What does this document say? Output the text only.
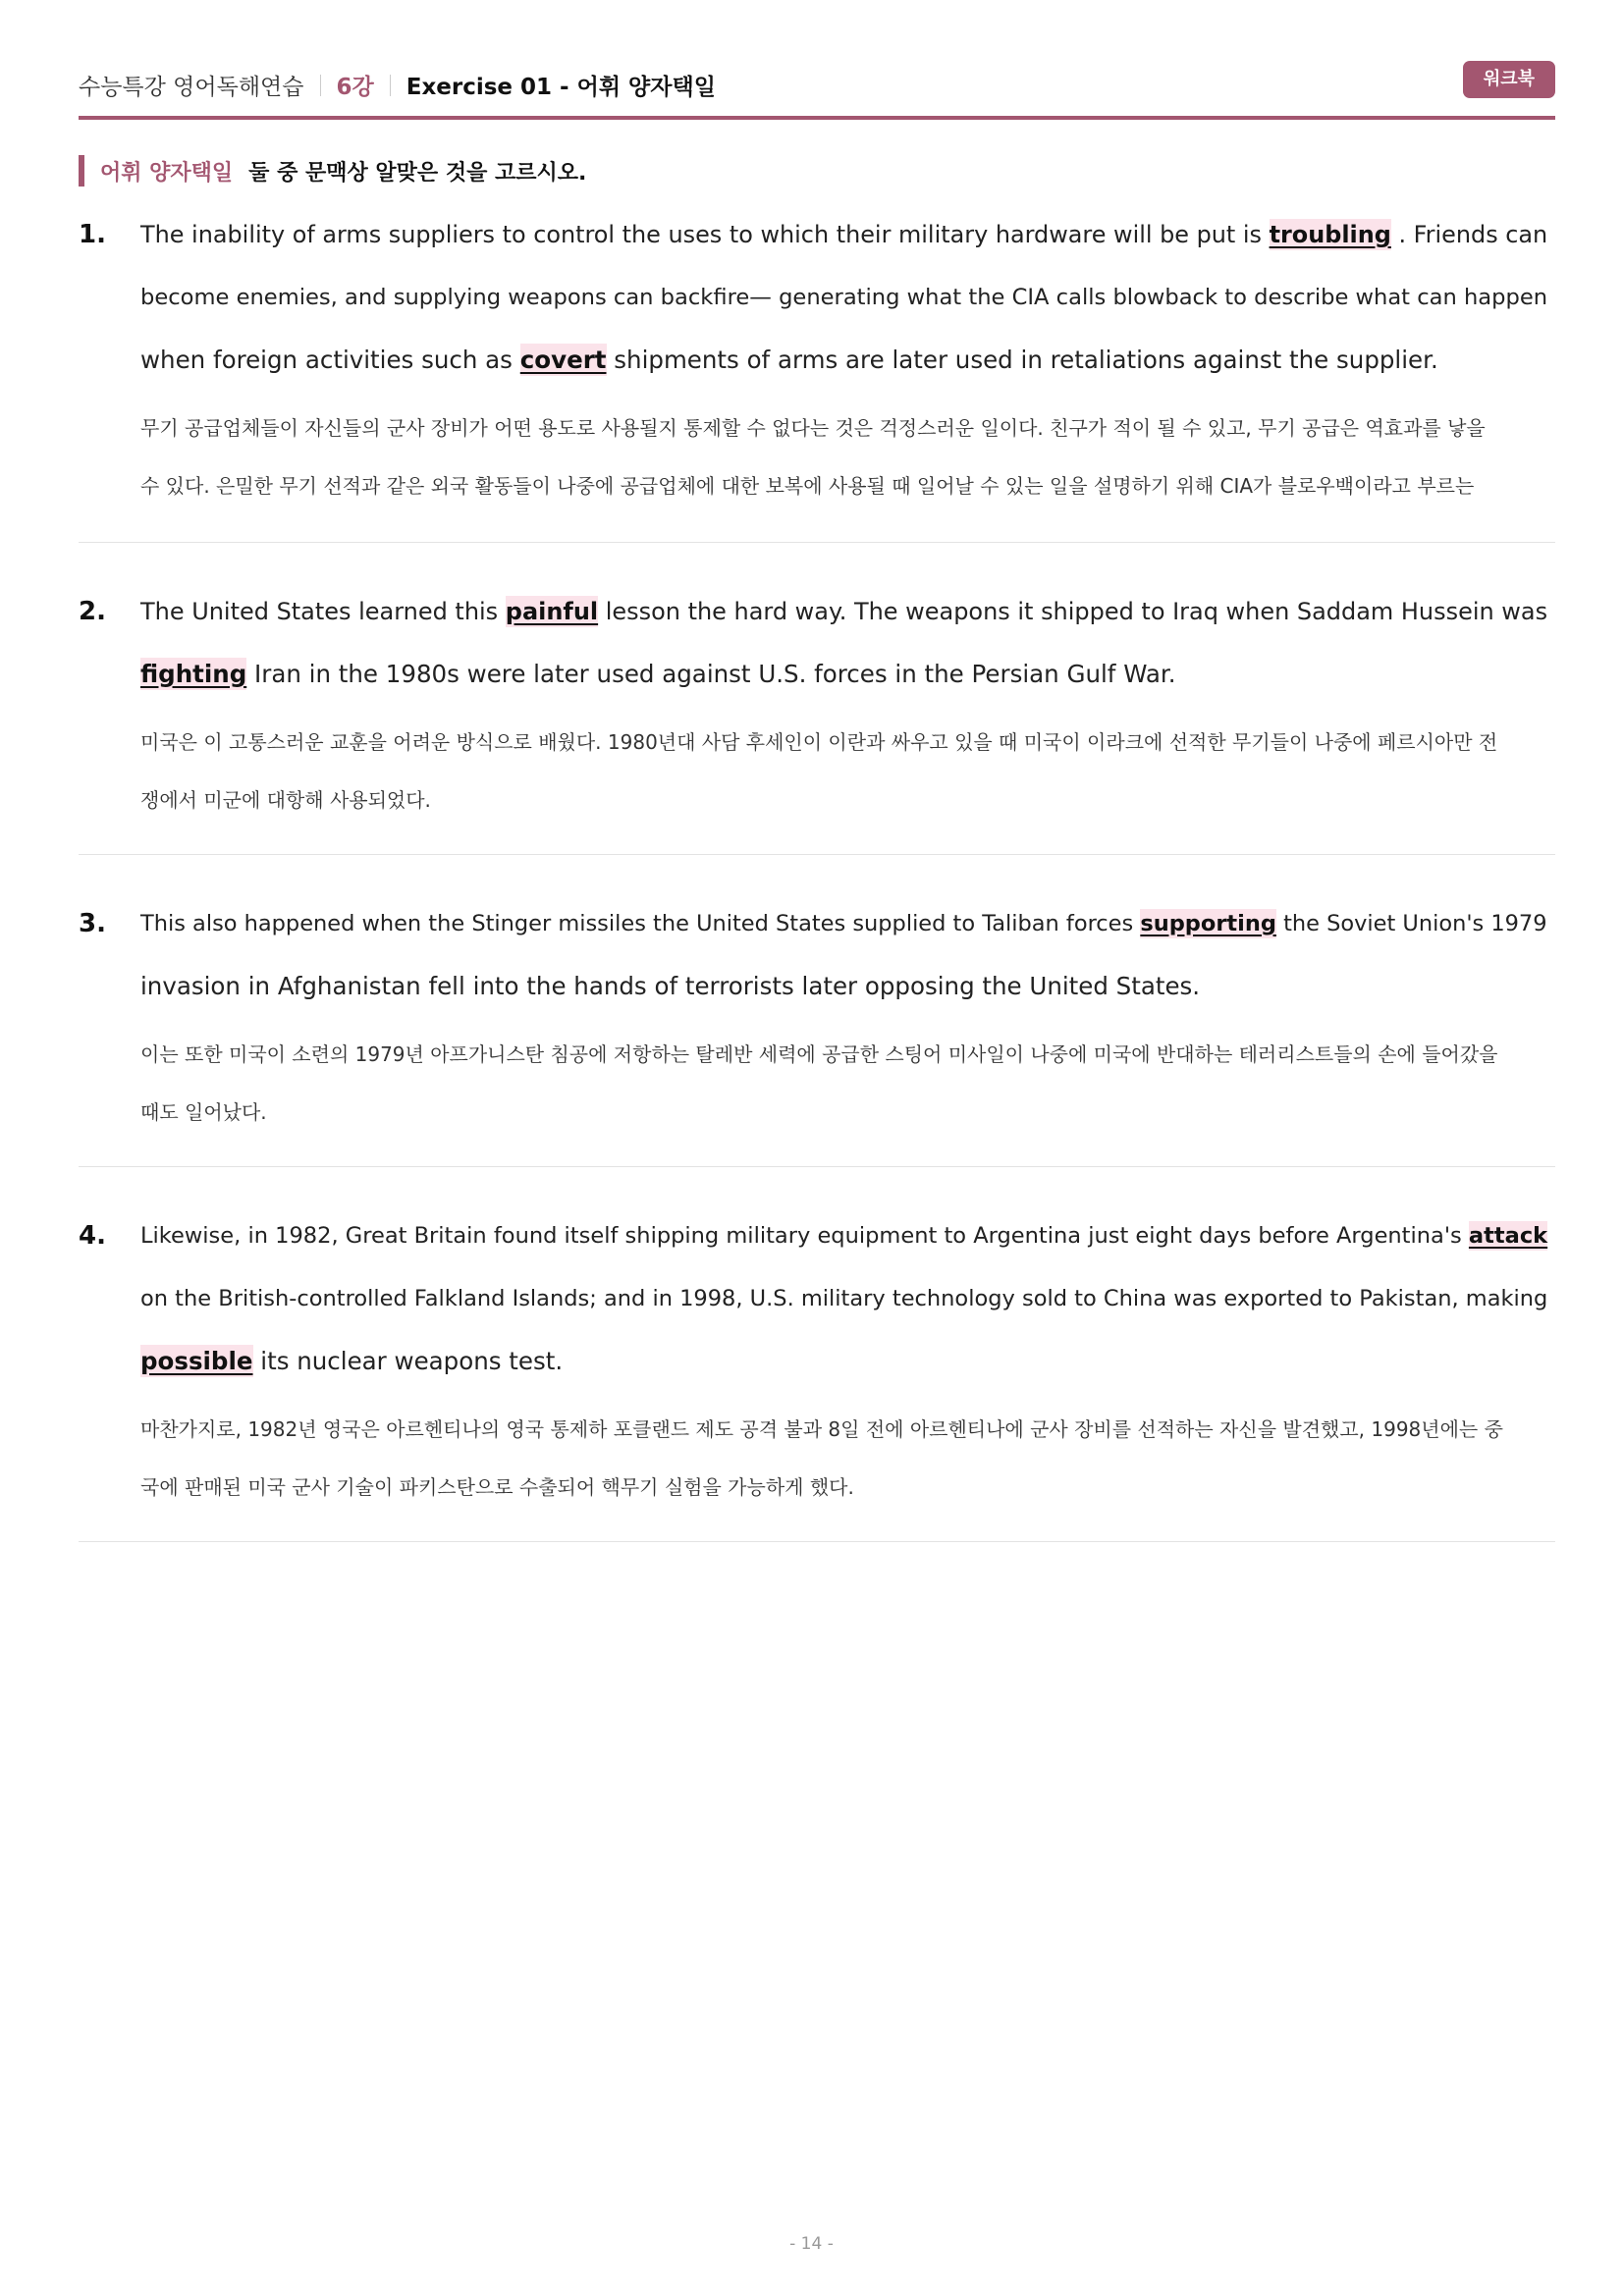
수능특강 영어독해연습 6강 Exercise 01 - 어휘 양자택일	워크북
어휘 양자택일 둘 중 문맥상 알맞은 것을 고르시오.
1. The inability of arms suppliers to control the uses to which their military hardware will be put is troubling . Friends can
become enemies, and supplying weapons can backfire— generating what the CIA calls blowback to describe what can happen
when foreign activities such as covert shipments of arms are later used in retaliations against the supplier.
무기 공급업체들이 자신들의 군사 장비가 어떤 용도로 사용될지 통제할 수 없다는 것은 걱정스러운 일이다. 친구가 적이 될 수 있고, 무기 공급은 역효과를 낳을
수 있다. 은밀한 무기 선적과 같은 외국 활동들이 나중에 공급업체에 대한 보복에 사용될 때 일어날 수 있는 일을 설명하기 위해 CIA가 블로우백이라고 부르는
2. The United States learned this painful lesson the hard way. The weapons it shipped to Iraq when Saddam Hussein was
fighting Iran in the 1980s were later used against U.S. forces in the Persian Gulf War.
미국은 이 고통스러운 교훈을 어려운 방식으로 배웠다. 1980년대 사담 후세인이 이란과 싸우고 있을 때 미국이 이라크에 선적한 무기들이 나중에 페르시아만 전
쟁에서 미군에 대항해 사용되었다.
3. This also happened when the Stinger missiles the United States supplied to Taliban forces supporting the Soviet Union's 1979
invasion in Afghanistan fell into the hands of terrorists later opposing the United States.
이는 또한 미국이 소련의 1979년 아프가니스탄 침공에 저항하는 탈레반 세력에 공급한 스팅어 미사일이 나중에 미국에 반대하는 테러리스트들의 손에 들어갔을
때도 일어났다.
4. Likewise, in 1982, Great Britain found itself shipping military equipment to Argentina just eight days before Argentina's attack
on the British-controlled Falkland Islands; and in 1998, U.S. military technology sold to China was exported to Pakistan, making
possible its nuclear weapons test.
마찬가지로, 1982년 영국은 아르헨티나의 영국 통제하 포클랜드 제도 공격 불과 8일 전에 아르헨티나에 군사 장비를 선적하는 자신을 발견했고, 1998년에는 중
국에 판매된 미국 군사 기술이 파키스탄으로 수출되어 핵무기 실험을 가능하게 했다.
- 14 -
